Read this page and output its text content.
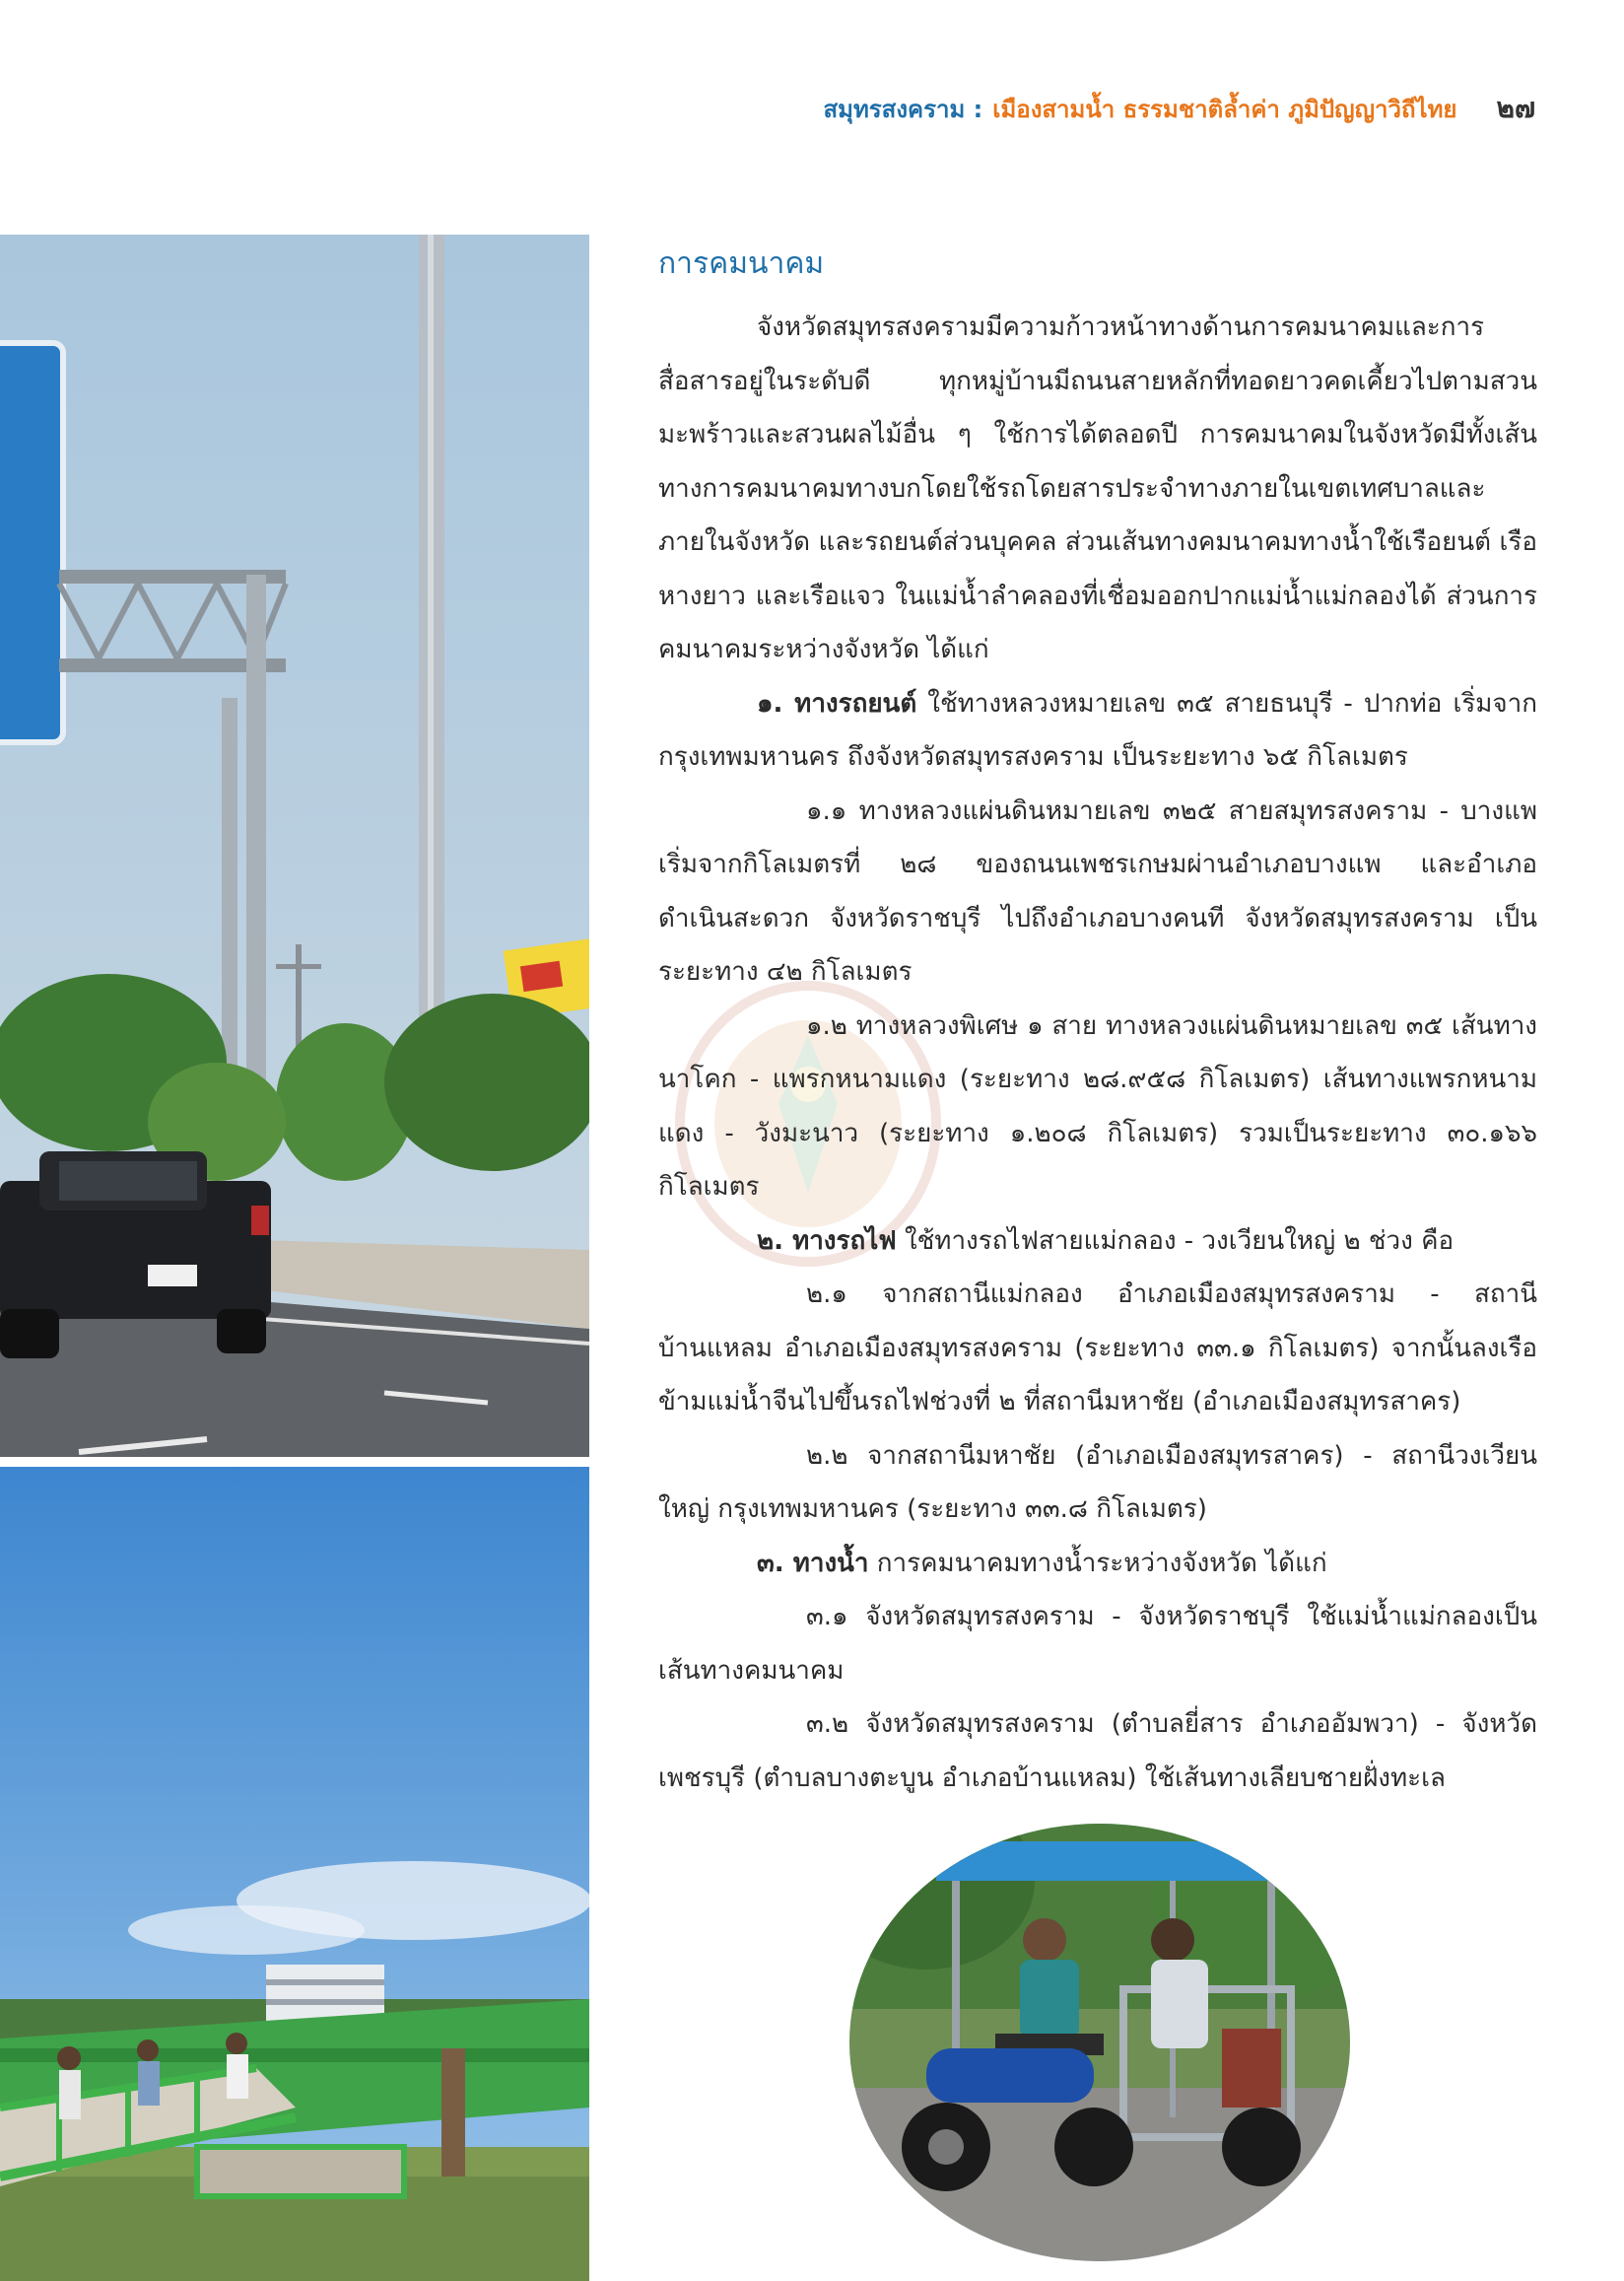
สมุทรสงคราม : เมืองสามน้ำ ธรรมชาติล้ำค่า ภูมิปัญญาวิถีไทย ๒๗
การคมนาคม

จังหวัดสมุทรสงครามมีความก้าวหน้าทางด้านการคมนาคมและการสื่อสารอยู่ในระดับดี ทุกหมู่บ้านมีถนนสายหลักที่ทอดยาวคดเคี้ยวไปตามสวนมะพร้าวและสวนผลไม้อื่น ๆ ใช้การได้ตลอดปี การคมนาคมในจังหวัดมีทั้งเส้นทางการคมนาคมทางบกโดยใช้รถโดยสารประจำทางภายในเขตเทศบาลและภายในจังหวัด และรถยนต์ส่วนบุคคล ส่วนเส้นทางคมนาคมทางน้ำใช้เรือยนต์ เรือหางยาว และเรือแจว ในแม่น้ำลำคลองที่เชื่อมออกปากแม่น้ำแม่กลองได้ ส่วนการคมนาคมระหว่างจังหวัด ได้แก่

๑. ทางรถยนต์ ใช้ทางหลวงหมายเลข ๓๕ สายธนบุรี - ปากท่อ เริ่มจากกรุงเทพมหานคร ถึงจังหวัดสมุทรสงคราม เป็นระยะทาง ๖๕ กิโลเมตร

๑.๑ ทางหลวงแผ่นดินหมายเลข ๓๒๕ สายสมุทรสงคราม - บางแพ เริ่มจากกิโลเมตรที่ ๒๘ ของถนนเพชรเกษมผ่านอำเภอบางแพ และอำเภอดำเนินสะดวก จังหวัดราชบุรี ไปถึงอำเภอบางคนที จังหวัดสมุทรสงคราม เป็นระยะทาง ๔๒ กิโลเมตร

๑.๒ ทางหลวงพิเศษ ๑ สาย ทางหลวงแผ่นดินหมายเลข ๓๕ เส้นทางนาโคก - แพรกหนามแดง (ระยะทาง ๒๘.๙๕๘ กิโลเมตร) เส้นทางแพรกหนามแดง - วังมะนาว (ระยะทาง ๑.๒๐๘ กิโลเมตร) รวมเป็นระยะทาง ๓๐.๑๖๖ กิโลเมตร

๒. ทางรถไฟ ใช้ทางรถไฟสายแม่กลอง - วงเวียนใหญ่ ๒ ช่วง คือ

๒.๑ จากสถานีแม่กลอง อำเภอเมืองสมุทรสงคราม - สถานีบ้านแหลม อำเภอเมืองสมุทรสงคราม (ระยะทาง ๓๓.๑ กิโลเมตร) จากนั้นลงเรือข้ามแม่น้ำจีนไปขึ้นรถไฟช่วงที่ ๒ ที่สถานีมหาชัย (อำเภอเมืองสมุทรสาคร)

๒.๒ จากสถานีมหาชัย (อำเภอเมืองสมุทรสาคร) - สถานีวงเวียนใหญ่ กรุงเทพมหานคร (ระยะทาง ๓๓.๘ กิโลเมตร)

๓. ทางน้ำ การคมนาคมทางน้ำระหว่างจังหวัด ได้แก่

๓.๑ จังหวัดสมุทรสงคราม - จังหวัดราชบุรี ใช้แม่น้ำแม่กลองเป็นเส้นทางคมนาคม

๓.๒ จังหวัดสมุทรสงคราม (ตำบลยี่สาร อำเภออัมพวา) - จังหวัดเพชรบุรี (ตำบลบางตะบูน อำเภอบ้านแหลม) ใช้เส้นทางเลียบชายฝั่งทะเล
